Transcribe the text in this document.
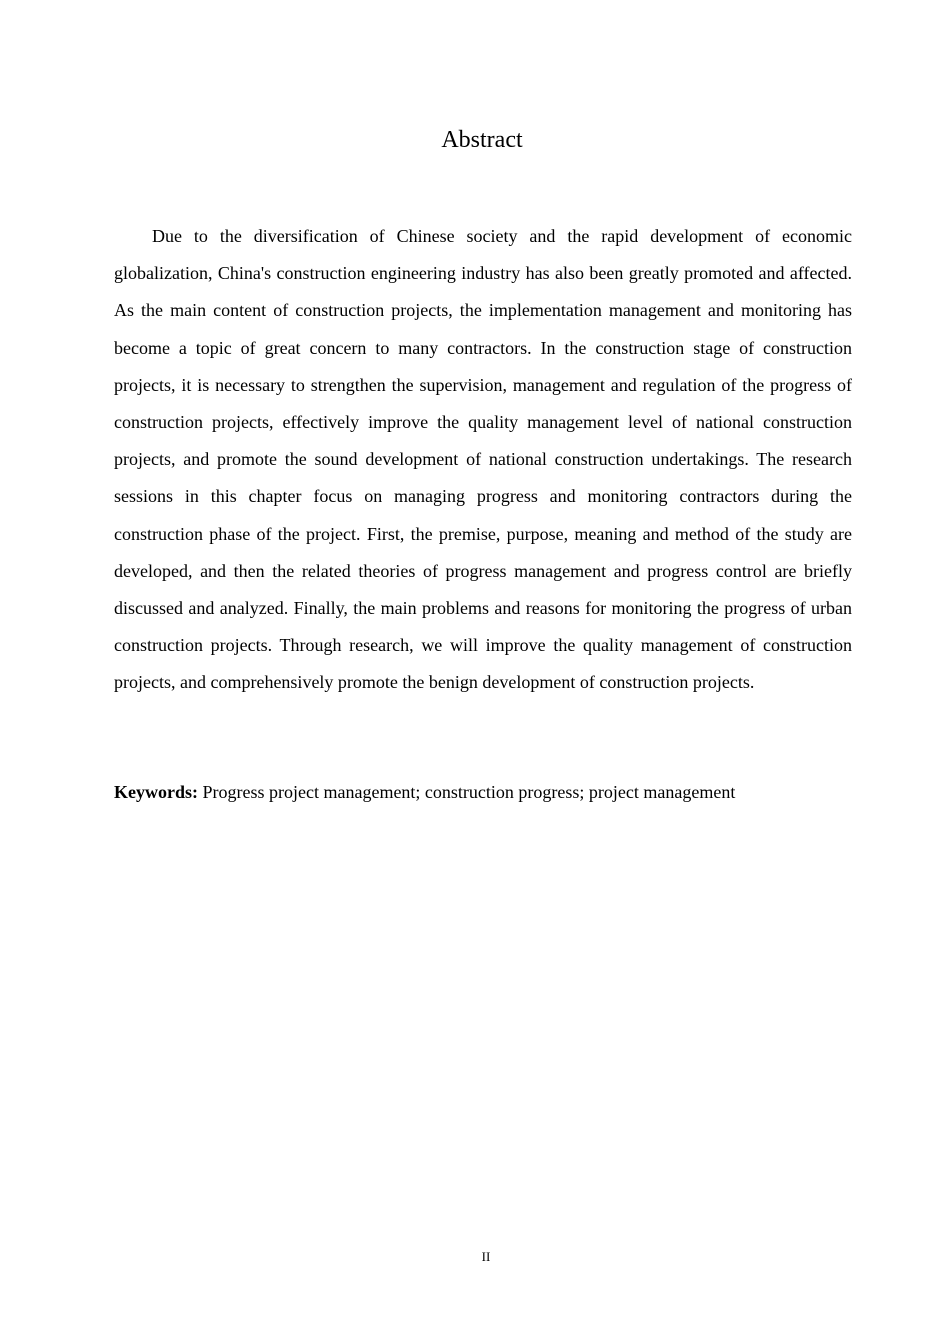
Abstract

Due to the diversification of Chinese society and the rapid development of economic globalization, China's construction engineering industry has also been greatly promoted and affected. As the main content of construction projects, the implementation management and monitoring has become a topic of great concern to many contractors. In the construction stage of construction projects, it is necessary to strengthen the supervision, management and regulation of the progress of construction projects, effectively improve the quality management level of national construction projects, and promote the sound development of national construction undertakings. The research sessions in this chapter focus on managing progress and monitoring contractors during the construction phase of the project. First, the premise, purpose, meaning and method of the study are developed, and then the related theories of progress management and progress control are briefly discussed and analyzed. Finally, the main problems and reasons for monitoring the progress of urban construction projects. Through research, we will improve the quality management of construction projects, and comprehensively promote the benign development of construction projects.

Keywords: Progress project management; construction progress; project management

II
